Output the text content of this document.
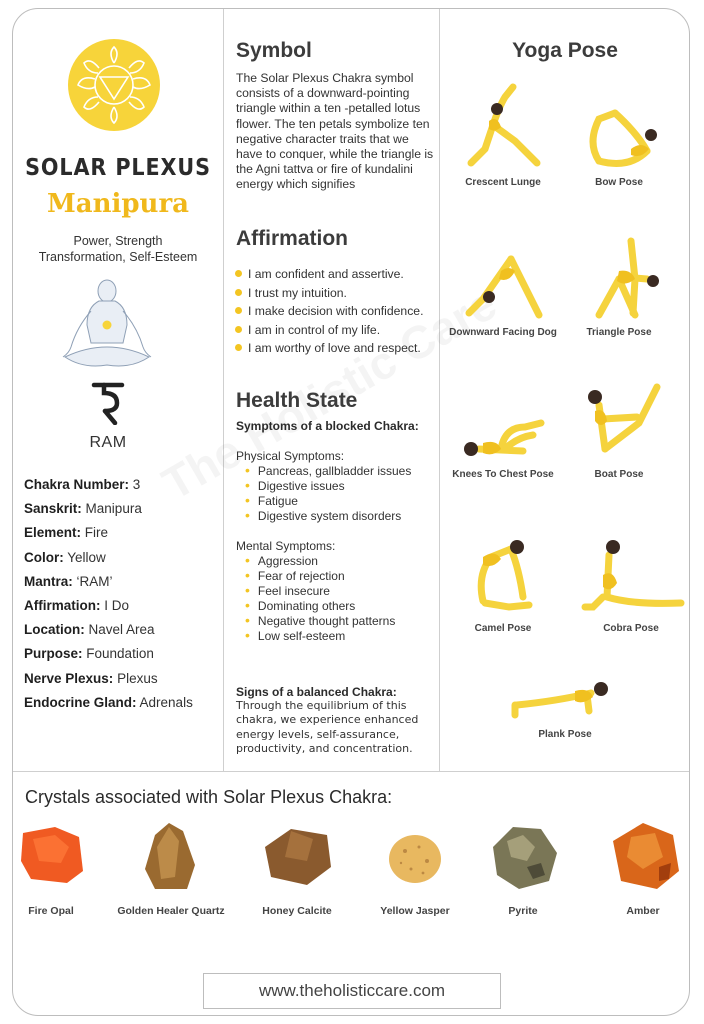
SOLAR PLEXUS
Manipura
Power, Strength
Transformation, Self-Esteem
RAM
Chakra Number: 3
Sanskrit: Manipura
Element: Fire
Color: Yellow
Mantra: ‘RAM’
Affirmation: I Do
Location: Navel Area
Purpose: Foundation
Nerve Plexus: Plexus
Endocrine Gland: Adrenals
Symbol
The Solar Plexus Chakra symbol consists of a downward-pointing triangle within a ten -petalled lotus flower. The ten petals symbolize ten negative character traits that we have to conquer, while the triangle is the Agni tattva or fire of kundalini energy which signifies
Affirmation
I am confident and assertive.
I trust my intuition.
I make decision with confidence.
I am in control of my life.
I am worthy of love and respect.
Health State
Symptoms of a blocked Chakra:
Physical Symptoms:
• Pancreas, gallbladder issues
• Digestive issues
• Fatigue
• Digestive system disorders
Mental Symptoms:
• Aggression
• Fear of rejection
• Feel insecure
• Dominating others
• Negative thought patterns
• Low self-esteem
Signs of a balanced Chakra:
Through the equilibrium of this chakra, we experience enhanced energy levels, self-assurance, productivity, and concentration.
Yoga Pose
Crescent Lunge	Bow Pose
Downward Facing Dog	Triangle Pose
Knees To Chest Pose	Boat Pose
Camel Pose	Cobra Pose
Plank Pose
Crystals associated with Solar Plexus Chakra:
Fire Opal	Golden Healer Quartz	Honey Calcite	Yellow Jasper	Pyrite	Amber
www.theholisticcare.com
